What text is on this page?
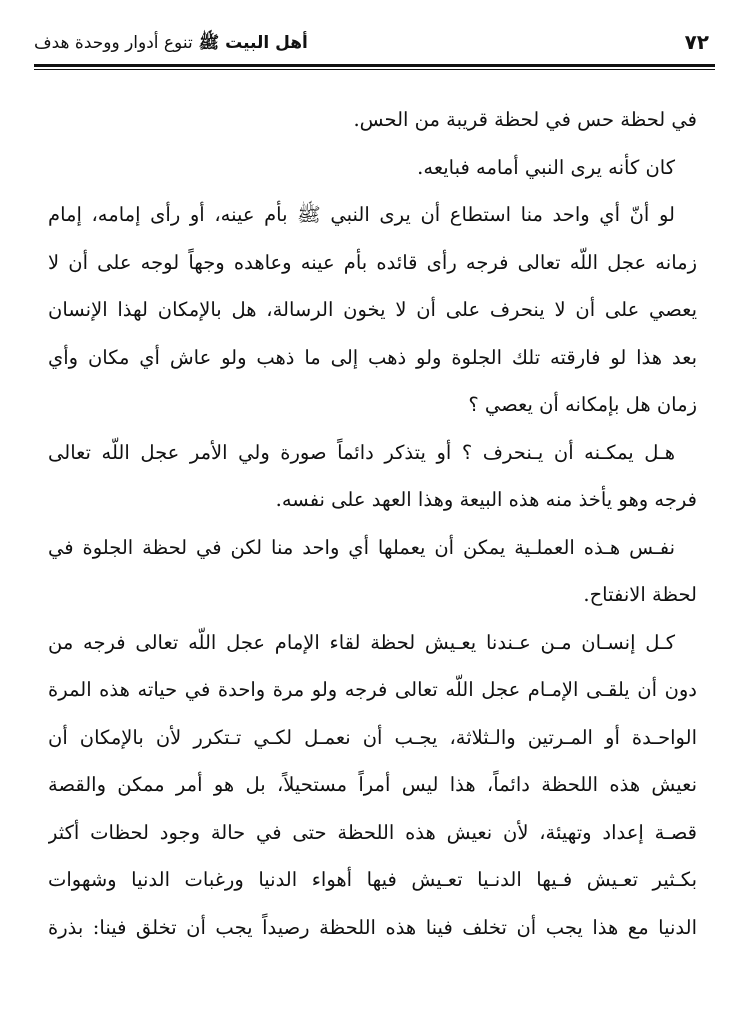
٧٢
أهل البيت ﷺ تنوع أدوار ووحدة هدف
في لحظة حس في لحظة قريبة من الحس.
كان كأنه يرى النبي أمامه فبايعه.
لو أنّ أي واحد منا استطاع أن يرى النبي ﷺ بأم عينه، أو رأى إمامه، إمام
زمانه عجل اللّه تعالى فرجه رأى قائده بأم عينه وعاهده وجهاً لوجه على أن لا
يعصي على أن لا ينحرف على أن لا يخون الرسالة، هل بالإمكان لهذا الإنسان
بعد هذا لو فارقته تلك الجلوة ولو ذهب إلى ما ذهب ولو عاش أي مكان وأي
زمان هل بإمكانه أن يعصي ؟
هـل يمكـنه أن يـنحرف ؟ أو يتذكر دائماً صورة ولي الأمر عجل اللّه تعالى
فرجه وهو يأخذ منه هذه البيعة وهذا العهد على نفسه.
نفـس هـذه العملـية يمكن أن يعملها أي واحد منا لكن في لحظة الجلوة في
لحظة الانفتاح.
كـل إنسـان مـن عـندنا يعـيش لحظة لقاء الإمام عجل اللّه تعالى فرجه من
دون أن يلقـى الإمـام عجل اللّه تعالى فرجه ولو مرة واحدة في حياته هذه المرة
الواحـدة أو المـرتين والـثلاثة، يجـب أن نعمـل لكـي تـتكرر لأن بالإمكان أن
نعيش هذه اللحظة دائماً، هذا ليس أمراً مستحيلاً، بل هو أمر ممكن والقصة
قصـة إعداد وتهيئة، لأن نعيش هذه اللحظة حتى في حالة وجود لحظات أكثر
بكـثير تعـيش فـيها الدنـيا تعـيش فيها أهواء الدنيا ورغبات الدنيا وشهوات
الدنيا مع هذا يجب أن تخلف فينا هذه اللحظة رصيداً يجب أن تخلق فينا: بذرة
